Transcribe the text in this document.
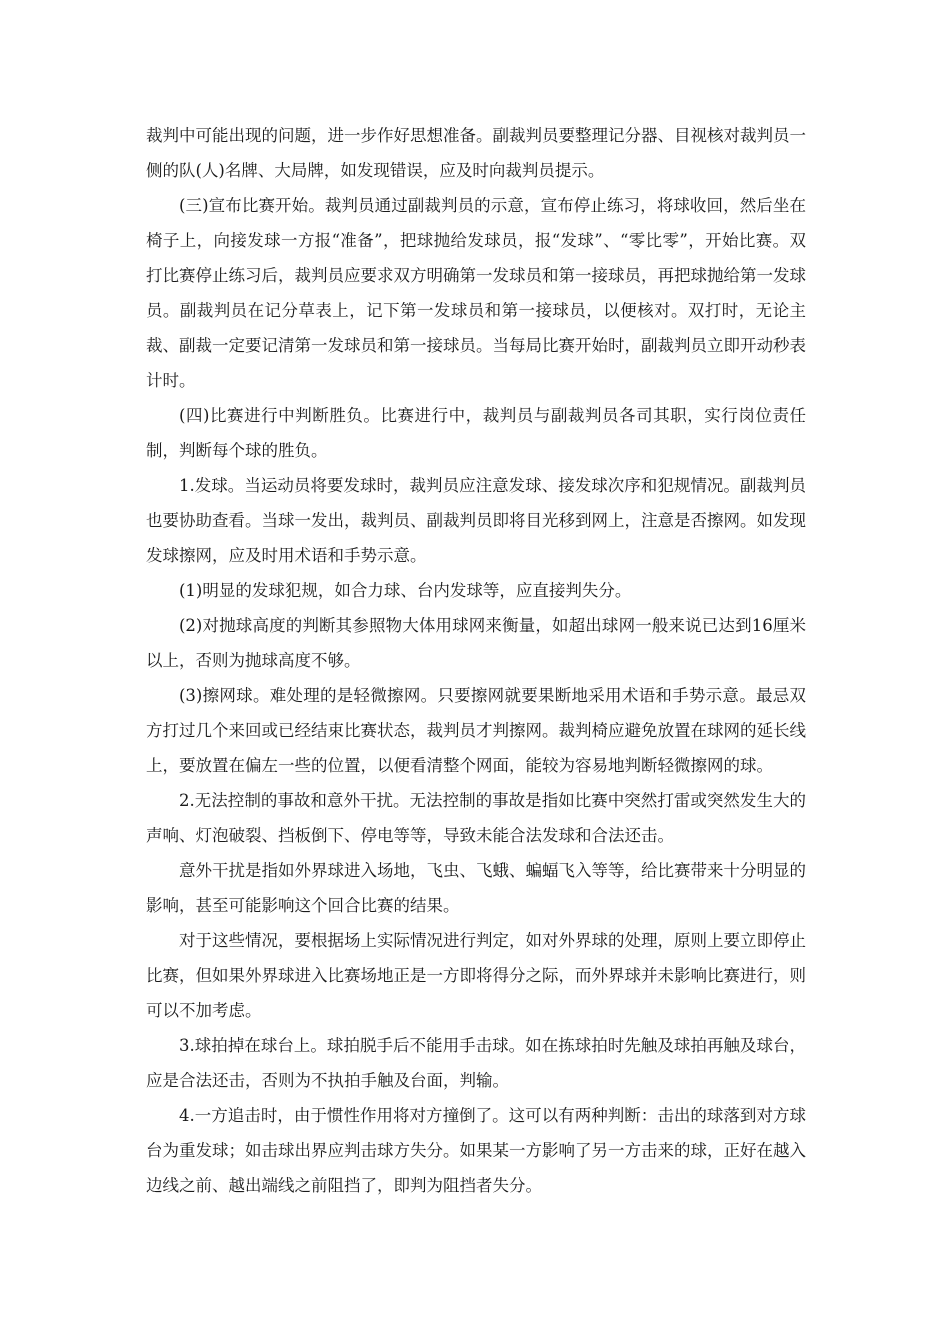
裁判中可能出现的问题，进一步作好思想准备。副裁判员要整理记分器、目视核对裁判员一侧的队(人)名牌、大局牌，如发现错误，应及时向裁判员提示。

(三)宣布比赛开始。裁判员通过副裁判员的示意，宣布停止练习，将球收回，然后坐在椅子上，向接发球一方报“准备”，把球抛给发球员，报“发球”、“零比零”，开始比赛。双打比赛停止练习后，裁判员应要求双方明确第一发球员和第一接球员，再把球抛给第一发球员。副裁判员在记分草表上，记下第一发球员和第一接球员，以便核对。双打时，无论主裁、副裁一定要记清第一发球员和第一接球员。当每局比赛开始时，副裁判员立即开动秒表计时。

(四)比赛进行中判断胜负。比赛进行中，裁判员与副裁判员各司其职，实行岗位责任制，判断每个球的胜负。

1.发球。当运动员将要发球时，裁判员应注意发球、接发球次序和犯规情况。副裁判员也要协助查看。当球一发出，裁判员、副裁判员即将目光移到网上，注意是否擦网。如发现发球擦网，应及时用术语和手势示意。

(1)明显的发球犯规，如合力球、台内发球等，应直接判失分。

(2)对抛球高度的判断其参照物大体用球网来衡量，如超出球网一般来说已达到16厘米以上，否则为抛球高度不够。

(3)擦网球。难处理的是轻微擦网。只要擦网就要果断地采用术语和手势示意。最忌双方打过几个来回或已经结束比赛状态，裁判员才判擦网。裁判椅应避免放置在球网的延长线上，要放置在偏左一些的位置，以便看清整个网面，能较为容易地判断轻微擦网的球。

2.无法控制的事故和意外干扰。无法控制的事故是指如比赛中突然打雷或突然发生大的声响、灯泡破裂、挡板倒下、停电等等，导致未能合法发球和合法还击。

意外干扰是指如外界球进入场地，飞虫、飞蛾、蝙蝠飞入等等，给比赛带来十分明显的影响，甚至可能影响这个回合比赛的结果。

对于这些情况，要根据场上实际情况进行判定，如对外界球的处理，原则上要立即停止比赛，但如果外界球进入比赛场地正是一方即将得分之际，而外界球并未影响比赛进行，则可以不加考虑。

3.球拍掉在球台上。球拍脱手后不能用手击球。如在拣球拍时先触及球拍再触及球台，应是合法还击，否则为不执拍手触及台面，判输。

4.一方追击时，由于惯性作用将对方撞倒了。这可以有两种判断：击出的球落到对方球台为重发球；如击球出界应判击球方失分。如果某一方影响了另一方击来的球，正好在越入边线之前、越出端线之前阻挡了，即判为阻挡者失分。
